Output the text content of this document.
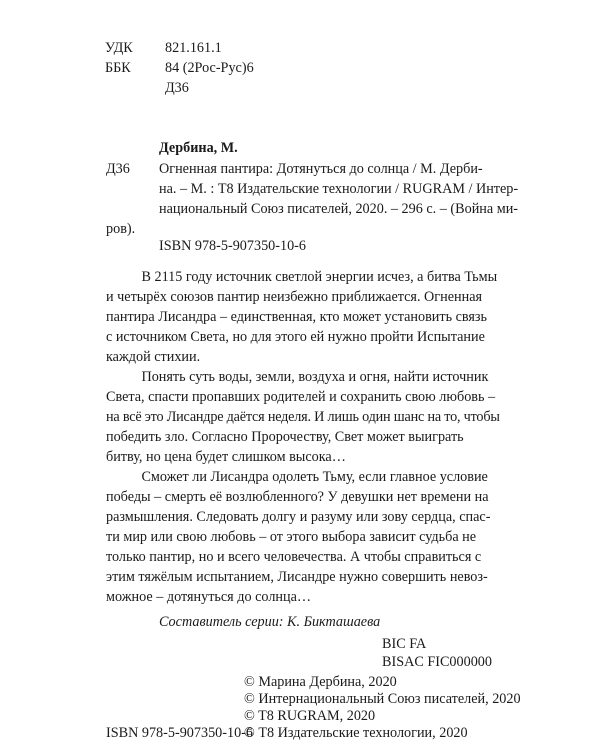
УДК	821.161.1
ББК	84 (2Рос-Рус)6
Д36
Дербина, М.
Д36 Огненная пантира: Дотянуться до солнца / М. Дерби-
на. – М. : Т8 Издательские технологии / RUGRAM / Интер-
национальный Союз писателей, 2020. – 296 с. – (Война ми-
ров).
ISBN 978-5-907350-10-6
В 2115 году источник светлой энергии исчез, а битва Тьмы
и четырёх союзов пантир неизбежно приближается. Огненная
пантира Лисандра – единственная, кто может установить связь
с источником Света, но для этого ей нужно пройти Испытание
каждой стихии.
Понять суть воды, земли, воздуха и огня, найти источник
Света, спасти пропавших родителей и сохранить свою любовь –
на всё это Лисандре даётся неделя. И лишь один шанс на то, чтобы
победить зло. Согласно Пророчеству, Свет может выиграть
битву, но цена будет слишком высока…
Сможет ли Лисандра одолеть Тьму, если главное условие
победы – смерть её возлюбленного? У девушки нет времени на
размышления. Следовать долгу и разуму или зову сердца, спас-
ти мир или свою любовь – от этого выбора зависит судьба не
только пантир, но и всего человечества. А чтобы справиться с
этим тяжёлым испытанием, Лисандре нужно совершить невоз-
можное – дотянуться до солнца…
Составитель серии: К. Бикташаева
BIC FA
BISAC FIC000000
© Марина Дербина, 2020
© Интернациональный Союз писателей, 2020
© T8 RUGRAM, 2020
ISBN 978-5-907350-10-6
© Т8 Издательские технологии, 2020
